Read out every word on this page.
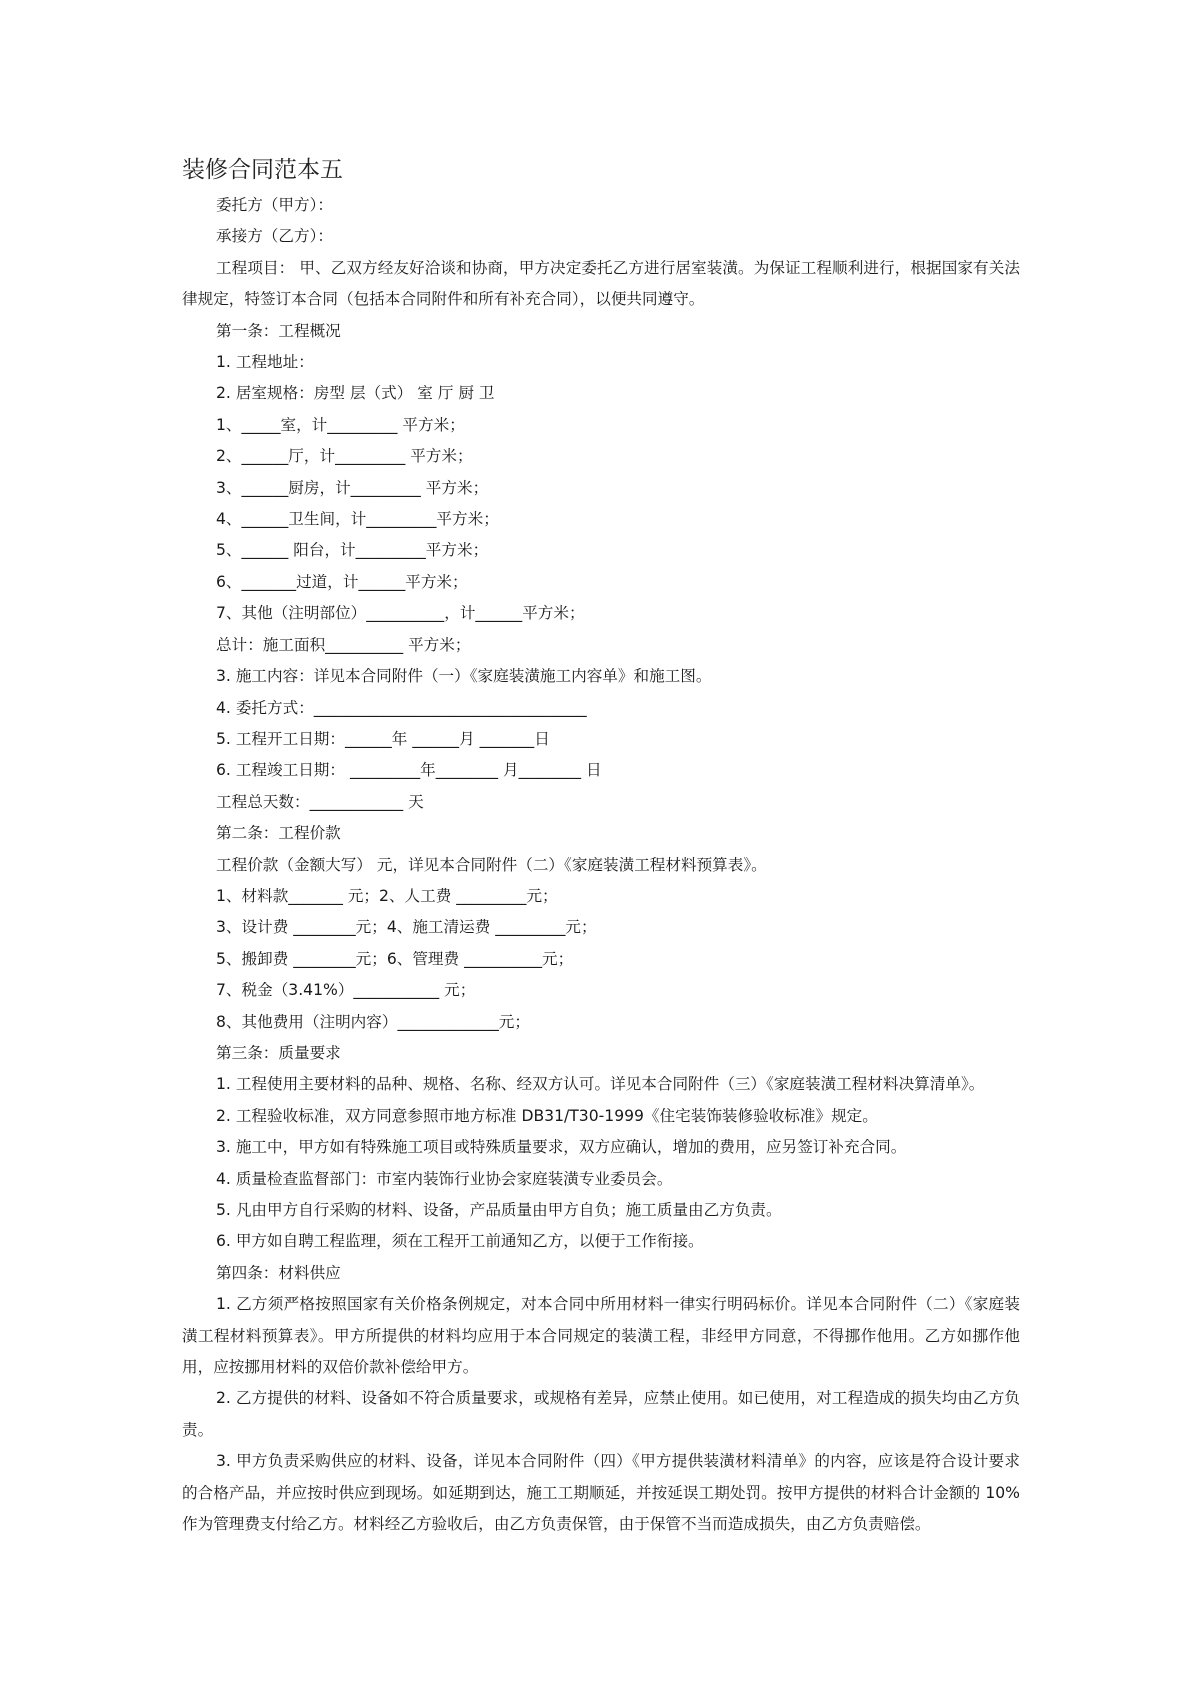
装修合同范本五

委托方（甲方）：

承接方（乙方）：

工程项目： 甲、乙双方经友好洽谈和协商，甲方决定委托乙方进行居室装潢。为保证工程顺利进行，根据国家有关法律规定，特签订本合同（包括本合同附件和所有补充合同），以便共同遵守。

第一条：工程概况

1. 工程地址：

2. 居室规格：房型 层（式） 室 厅 厨 卫

1、_____室，计_________ 平方米；

2、______厅，计_________ 平方米；

3、______厨房，计_________ 平方米；

4、______卫生间，计_________平方米；

5、______ 阳台，计_________平方米；

6、_______过道，计______平方米；

7、其他（注明部位）__________，计______平方米；

总计：施工面积__________ 平方米；

3. 施工内容：详见本合同附件（一）《家庭装潢施工内容单》和施工图。

4. 委托方式：___________________________________

5. 工程开工日期：______年 ______月 _______日

6. 工程竣工日期： _________年________ 月________ 日

工程总天数：____________ 天

第二条：工程价款

工程价款（金额大写） 元，详见本合同附件（二）《家庭装潢工程材料预算表》。

1、材料款_______ 元；2、人工费 _________元；

3、设计费 ________元；4、施工清运费 _________元；

5、搬卸费 ________元；6、管理费 __________元；

7、税金（3.41%）___________ 元；

8、其他费用（注明内容）_____________元；

第三条：质量要求

1. 工程使用主要材料的品种、规格、名称、经双方认可。详见本合同附件（三）《家庭装潢工程材料决算清单》。

2. 工程验收标准，双方同意参照市地方标准 DB31/T30-1999《住宅装饰装修验收标准》规定。

3. 施工中，甲方如有特殊施工项目或特殊质量要求，双方应确认，增加的费用，应另签订补充合同。

4. 质量检查监督部门：市室内装饰行业协会家庭装潢专业委员会。

5. 凡由甲方自行采购的材料、设备，产品质量由甲方自负；施工质量由乙方负责。

6. 甲方如自聘工程监理，须在工程开工前通知乙方，以便于工作衔接。

第四条：材料供应

1. 乙方须严格按照国家有关价格条例规定，对本合同中所用材料一律实行明码标价。详见本合同附件（二）《家庭装潢工程材料预算表》。甲方所提供的材料均应用于本合同规定的装潢工程，非经甲方同意，不得挪作他用。乙方如挪作他用，应按挪用材料的双倍价款补偿给甲方。

2. 乙方提供的材料、设备如不符合质量要求，或规格有差异，应禁止使用。如已使用，对工程造成的损失均由乙方负责。

3. 甲方负责采购供应的材料、设备，详见本合同附件（四）《甲方提供装潢材料清单》的内容，应该是符合设计要求的合格产品，并应按时供应到现场。如延期到达，施工工期顺延，并按延误工期处罚。按甲方提供的材料合计金额的 10%作为管理费支付给乙方。材料经乙方验收后，由乙方负责保管，由于保管不当而造成损失，由乙方负责赔偿。
